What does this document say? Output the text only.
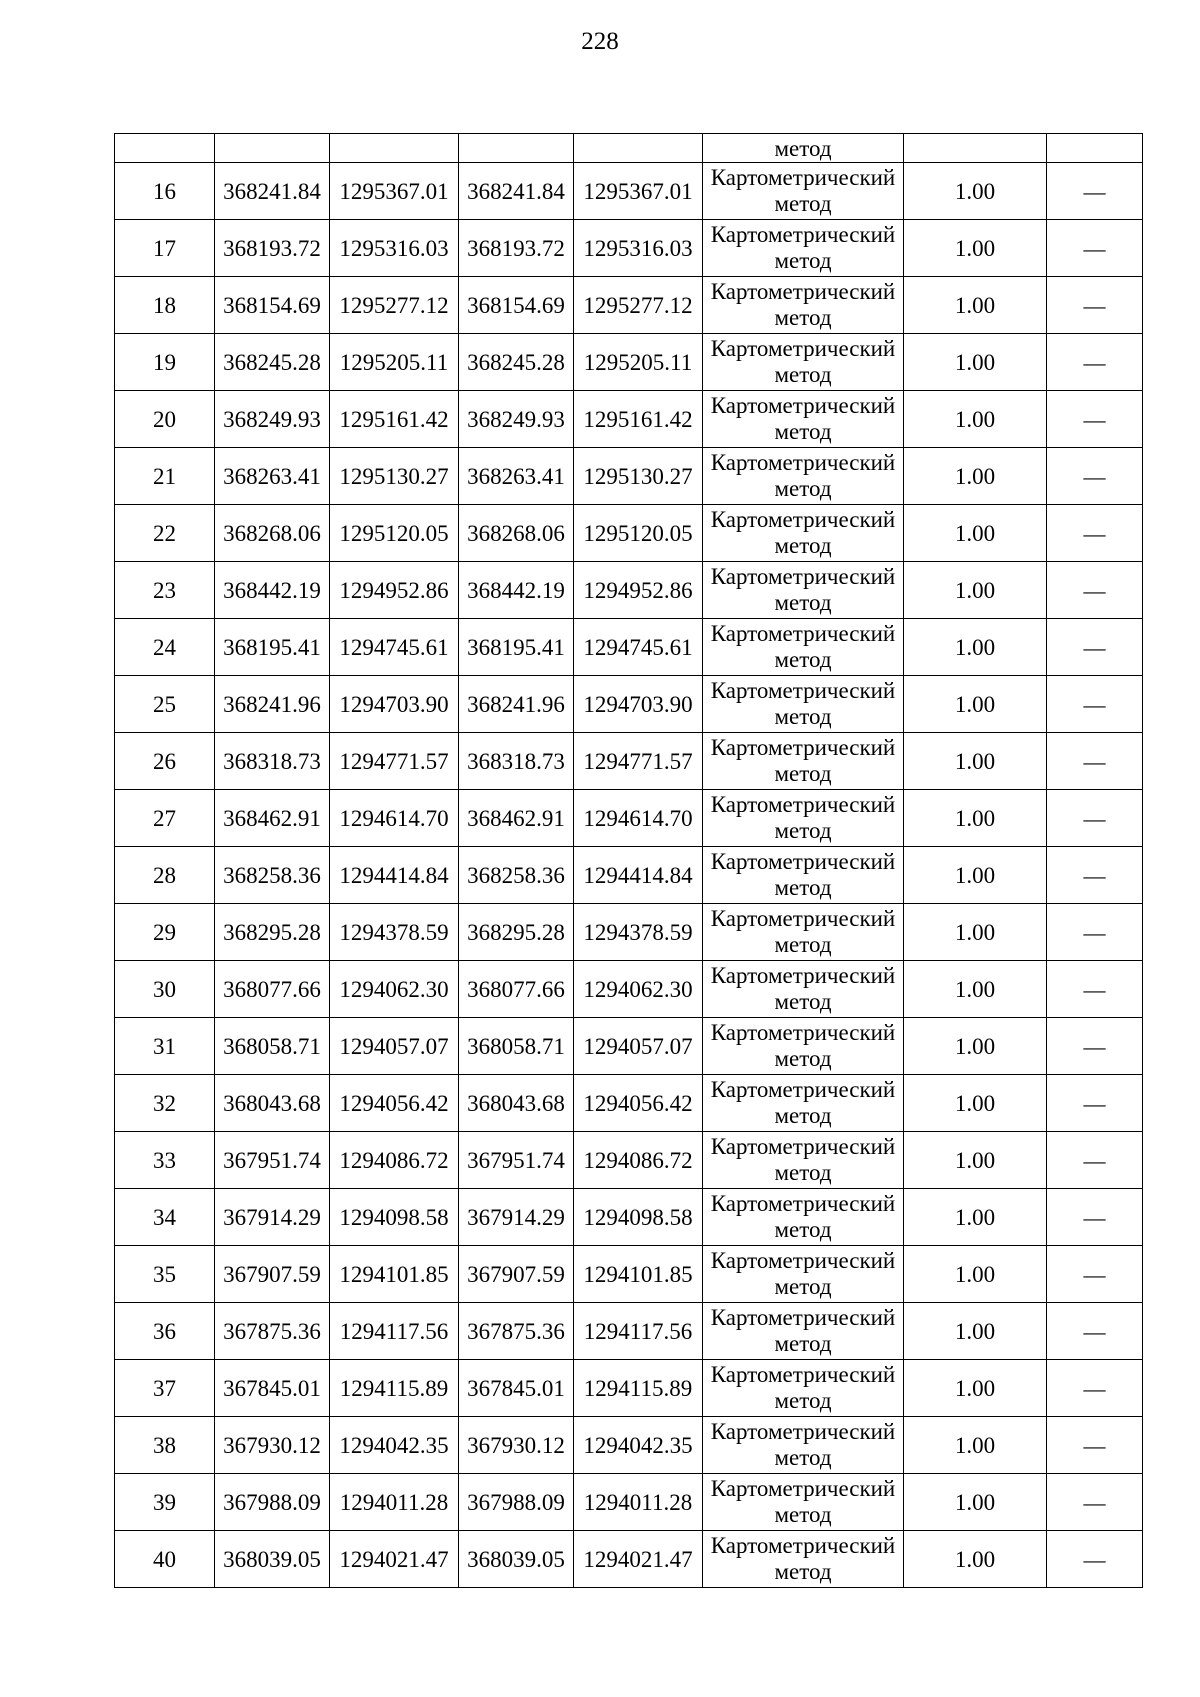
228
					метод		
16	368241.84	1295367.01	368241.84	1295367.01	Картометрический
метод	1.00	—
17	368193.72	1295316.03	368193.72	1295316.03	Картометрический
метод	1.00	—
18	368154.69	1295277.12	368154.69	1295277.12	Картометрический
метод	1.00	—
19	368245.28	1295205.11	368245.28	1295205.11	Картометрический
метод	1.00	—
20	368249.93	1295161.42	368249.93	1295161.42	Картометрический
метод	1.00	—
21	368263.41	1295130.27	368263.41	1295130.27	Картометрический
метод	1.00	—
22	368268.06	1295120.05	368268.06	1295120.05	Картометрический
метод	1.00	—
23	368442.19	1294952.86	368442.19	1294952.86	Картометрический
метод	1.00	—
24	368195.41	1294745.61	368195.41	1294745.61	Картометрический
метод	1.00	—
25	368241.96	1294703.90	368241.96	1294703.90	Картометрический
метод	1.00	—
26	368318.73	1294771.57	368318.73	1294771.57	Картометрический
метод	1.00	—
27	368462.91	1294614.70	368462.91	1294614.70	Картометрический
метод	1.00	—
28	368258.36	1294414.84	368258.36	1294414.84	Картометрический
метод	1.00	—
29	368295.28	1294378.59	368295.28	1294378.59	Картометрический
метод	1.00	—
30	368077.66	1294062.30	368077.66	1294062.30	Картометрический
метод	1.00	—
31	368058.71	1294057.07	368058.71	1294057.07	Картометрический
метод	1.00	—
32	368043.68	1294056.42	368043.68	1294056.42	Картометрический
метод	1.00	—
33	367951.74	1294086.72	367951.74	1294086.72	Картометрический
метод	1.00	—
34	367914.29	1294098.58	367914.29	1294098.58	Картометрический
метод	1.00	—
35	367907.59	1294101.85	367907.59	1294101.85	Картометрический
метод	1.00	—
36	367875.36	1294117.56	367875.36	1294117.56	Картометрический
метод	1.00	—
37	367845.01	1294115.89	367845.01	1294115.89	Картометрический
метод	1.00	—
38	367930.12	1294042.35	367930.12	1294042.35	Картометрический
метод	1.00	—
39	367988.09	1294011.28	367988.09	1294011.28	Картометрический
метод	1.00	—
40	368039.05	1294021.47	368039.05	1294021.47	Картометрический
метод	1.00	—
